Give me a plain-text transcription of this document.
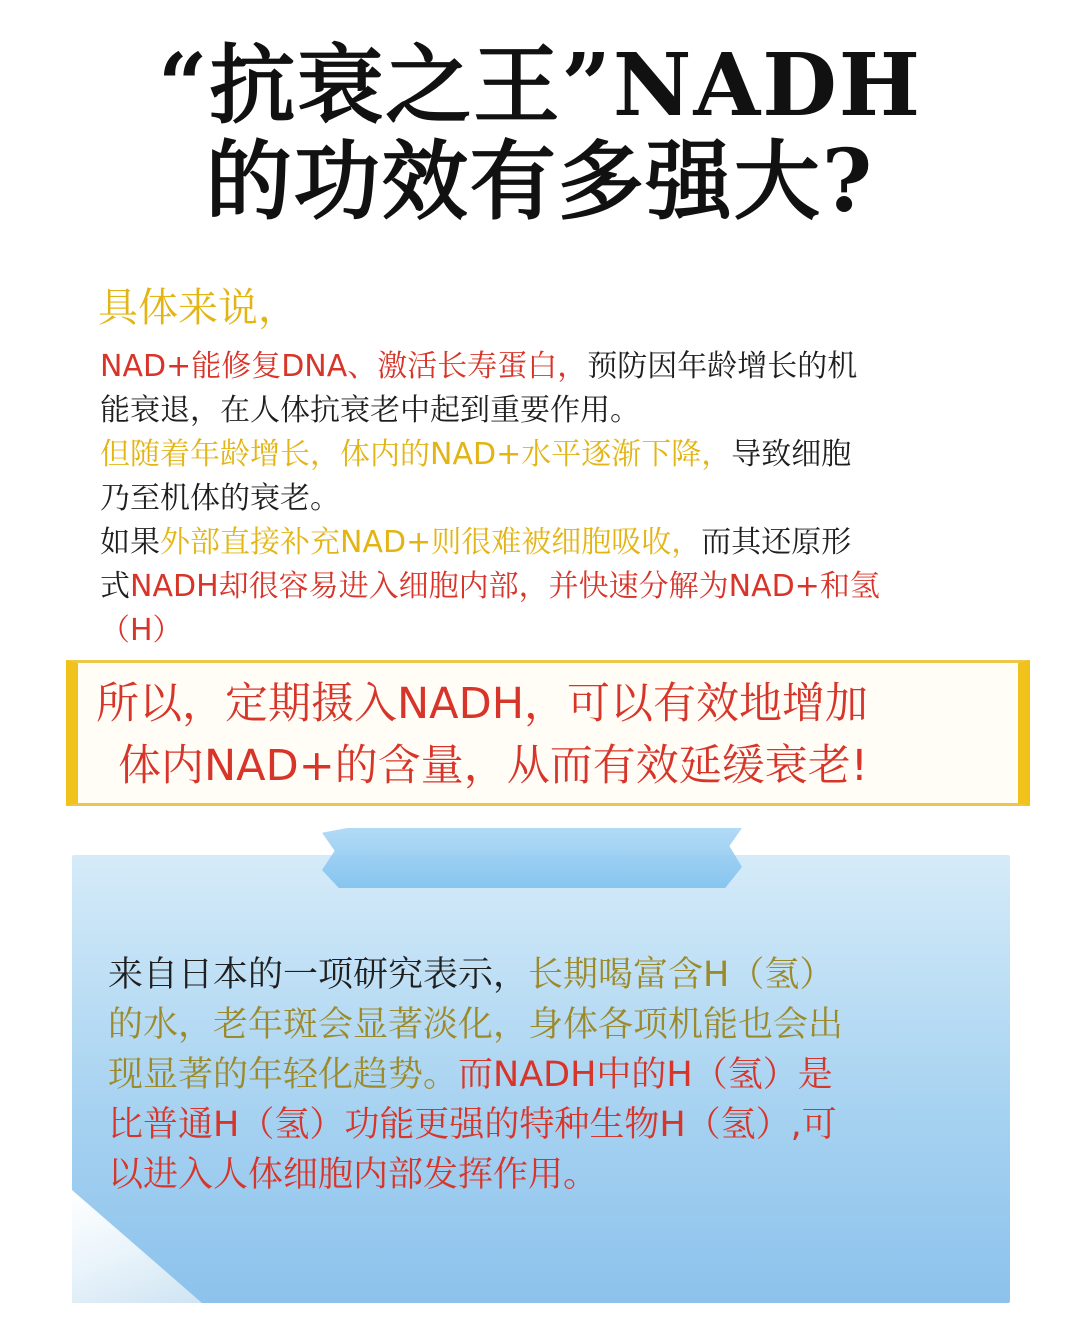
“抗衰之王”NADH
的功效有多强大?
具体来说，
NAD+能修复DNA、激活长寿蛋白，预防因年龄增长的机
能衰退，在人体抗衰老中起到重要作用。
但随着年龄增长，体内的NAD+水平逐渐下降，导致细胞
乃至机体的衰老。
如果外部直接补充NAD+则很难被细胞吸收，而其还原形
式NADH却很容易进入细胞内部，并快速分解为NAD+和氢
（H）
所以，定期摄入NADH，可以有效地增加
体内NAD+的含量，从而有效延缓衰老!
来自日本的一项研究表示，长期喝富含H（氢）
的水，老年斑会显著淡化，身体各项机能也会出
现显著的年轻化趋势。而NADH中的H（氢）是
比普通H（氢）功能更强的特种生物H（氢）,可
以进入人体细胞内部发挥作用。
